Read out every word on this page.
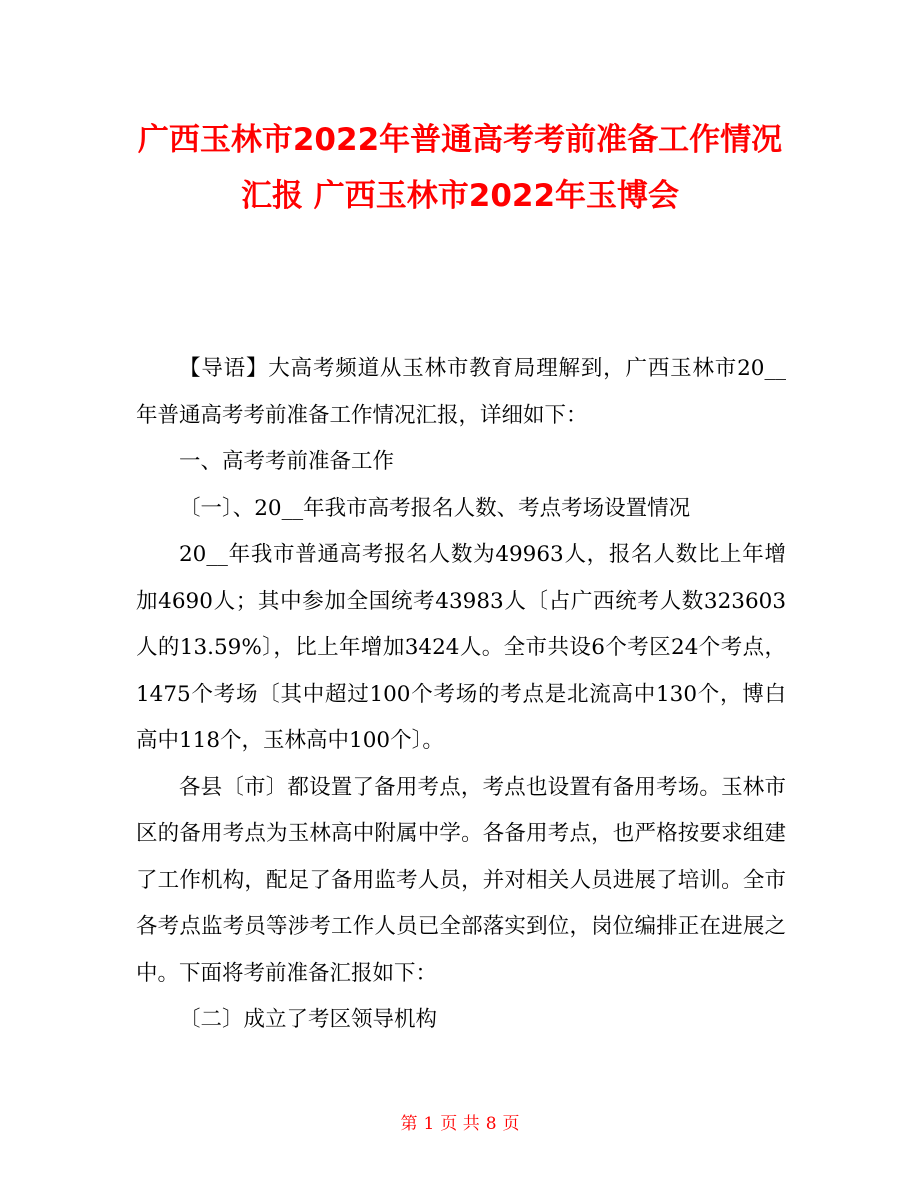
广西玉林市2022年普通高考考前准备工作情况
汇报 广西玉林市2022年玉博会

【导语】大高考频道从玉林市教育局理解到，广西玉林市20__年普通高考考前准备工作情况汇报，详细如下：

一、高考考前准备工作

〔一〕、20__年我市高考报名人数、考点考场设置情况

20__年我市普通高考报名人数为49963人，报名人数比上年增加4690人；其中参加全国统考43983人〔占广西统考人数323603人的13.59%〕，比上年增加3424人。全市共设6个考区24个考点，1475个考场〔其中超过100个考场的考点是北流高中130个，博白高中118个，玉林高中100个〕。

各县〔市〕都设置了备用考点，考点也设置有备用考场。玉林市区的备用考点为玉林高中附属中学。各备用考点，也严格按要求组建了工作机构，配足了备用监考人员，并对相关人员进展了培训。全市各考点监考员等涉考工作人员已全部落实到位，岗位编排正在进展之中。下面将考前准备汇报如下：

〔二〕成立了考区领导机构

第 1 页 共 8 页
